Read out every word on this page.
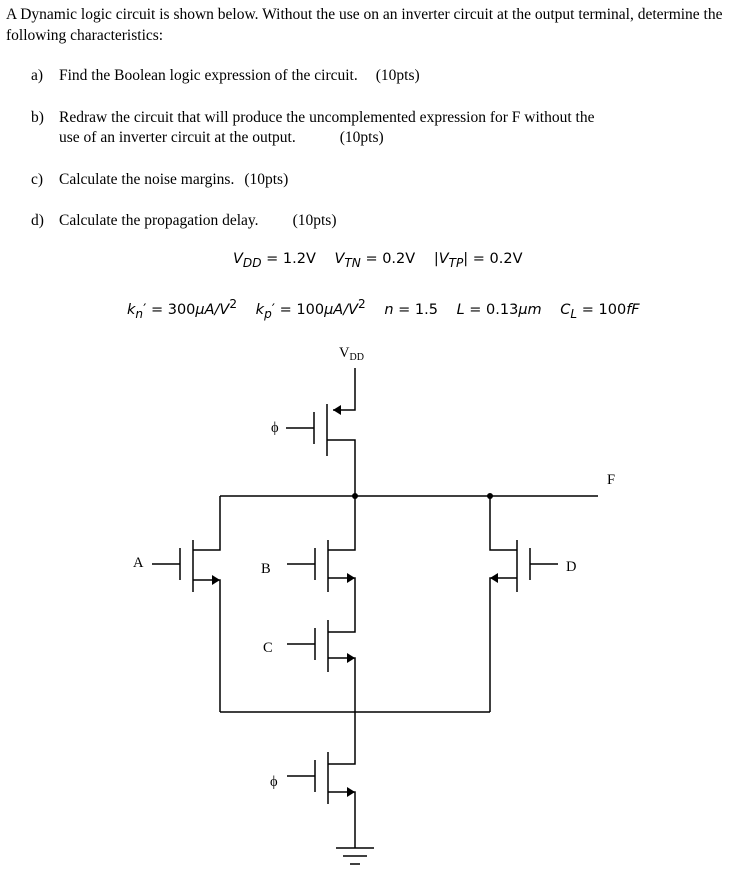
A Dynamic logic circuit is shown below. Without the use on an inverter circuit at the output terminal, determine the following characteristics:

a) Find the Boolean logic expression of the circuit. (10pts)
b) Redraw the circuit that will produce the uncomplemented expression for F without the
use of an inverter circuit at the output.	(10pts)
c) Calculate the noise margins. (10pts)
d) Calculate the propagation delay. (10pts)
$V_{DD} = 1.2V$ $V_{TN} = 0.2V$ $|V_{TP}| = 0.2V$
$k_n' = 300\mu A/V^2$ $k_p' = 100\mu A/V^2$ n = 1.5 L = 0.13μm $C_L = 100fF$
$V_{DD}$
ϕ
A	B
C
D
F
ϕ
